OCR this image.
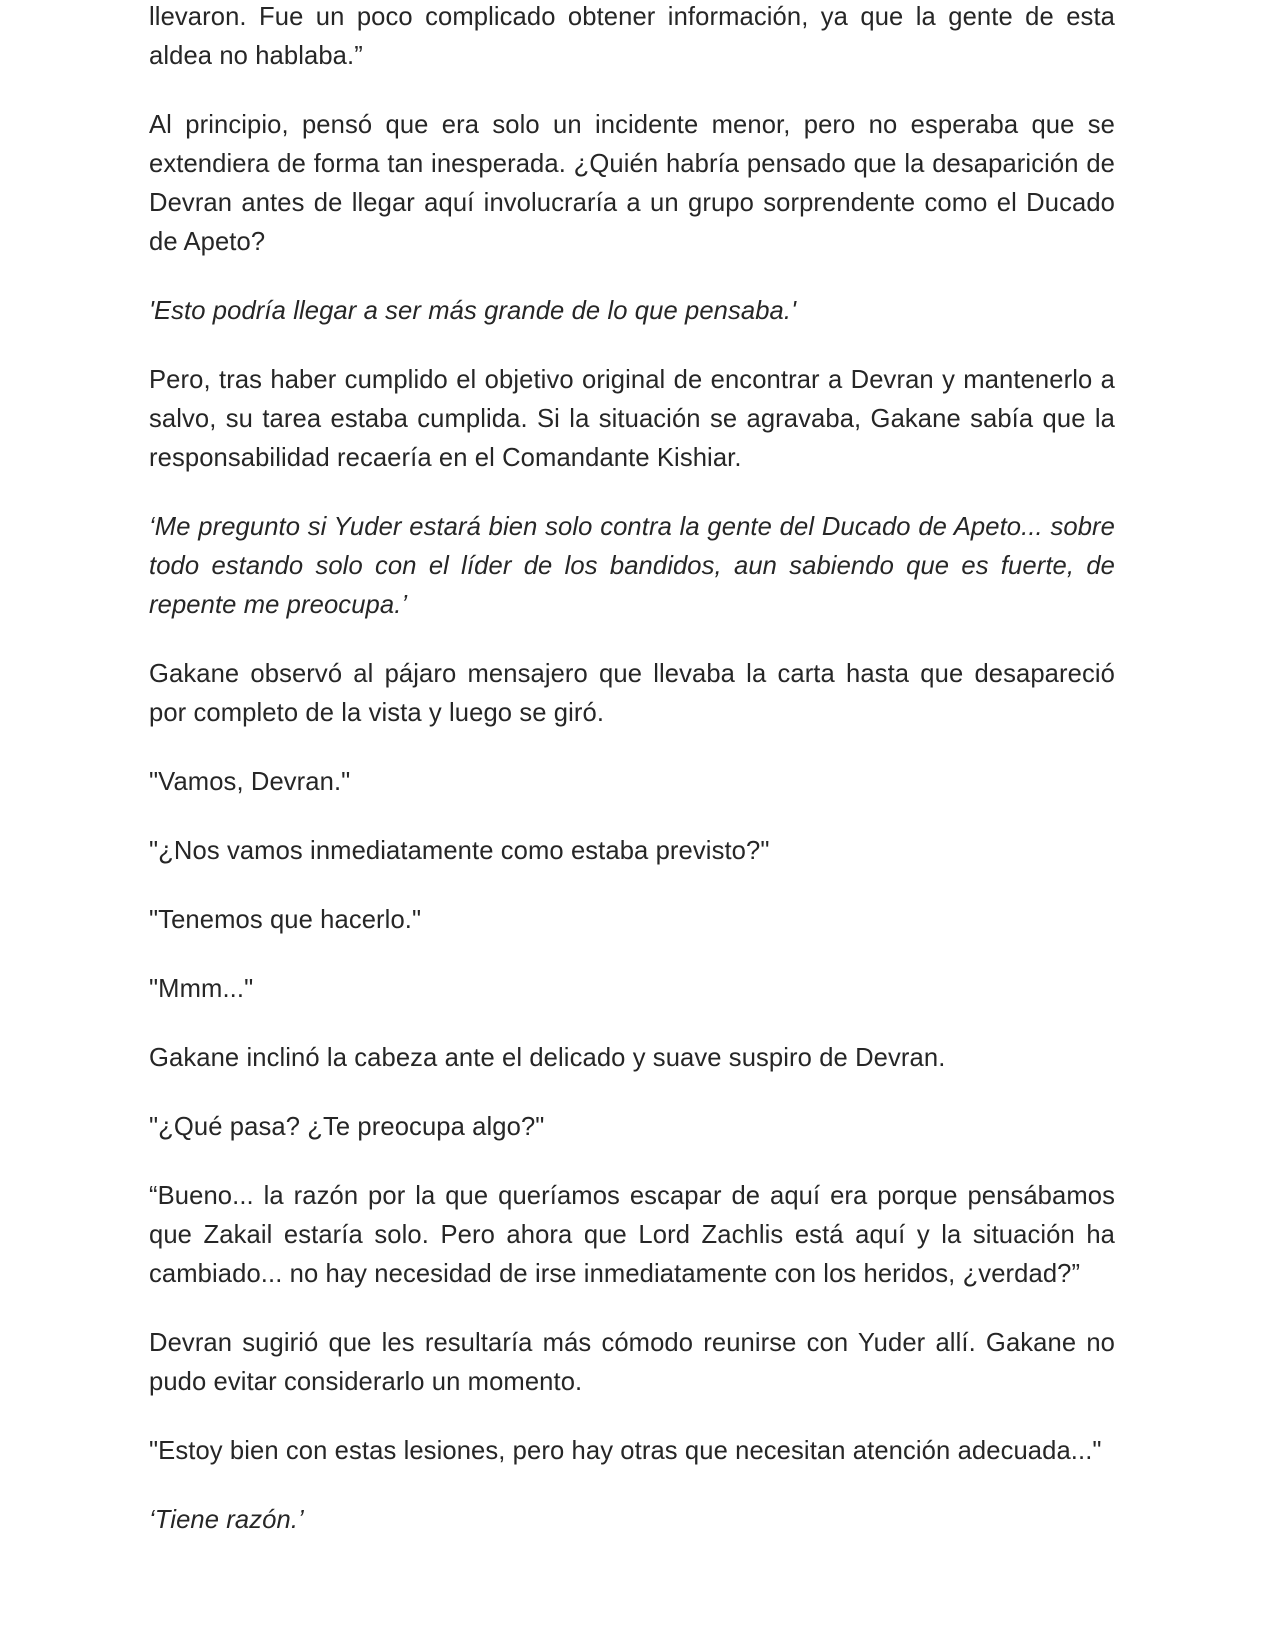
llevaron. Fue un poco complicado obtener información, ya que la gente de esta aldea no hablaba.”

Al principio, pensó que era solo un incidente menor, pero no esperaba que se extendiera de forma tan inesperada. ¿Quién habría pensado que la desaparición de Devran antes de llegar aquí involucraría a un grupo sorprendente como el Ducado de Apeto?

'Esto podría llegar a ser más grande de lo que pensaba.'

Pero, tras haber cumplido el objetivo original de encontrar a Devran y mantenerlo a salvo, su tarea estaba cumplida. Si la situación se agravaba, Gakane sabía que la responsabilidad recaería en el Comandante Kishiar.

‘Me pregunto si Yuder estará bien solo contra la gente del Ducado de Apeto... sobre todo estando solo con el líder de los bandidos, aun sabiendo que es fuerte, de repente me preocupa.’

Gakane observó al pájaro mensajero que llevaba la carta hasta que desapareció por completo de la vista y luego se giró.

"Vamos, Devran."

"¿Nos vamos inmediatamente como estaba previsto?"

"Tenemos que hacerlo."

"Mmm..."

Gakane inclinó la cabeza ante el delicado y suave suspiro de Devran.

"¿Qué pasa? ¿Te preocupa algo?"

“Bueno... la razón por la que queríamos escapar de aquí era porque pensábamos que Zakail estaría solo. Pero ahora que Lord Zachlis está aquí y la situación ha cambiado... no hay necesidad de irse inmediatamente con los heridos, ¿verdad?”

Devran sugirió que les resultaría más cómodo reunirse con Yuder allí. Gakane no pudo evitar considerarlo un momento.

"Estoy bien con estas lesiones, pero hay otras que necesitan atención adecuada..."

‘Tiene razón.’
